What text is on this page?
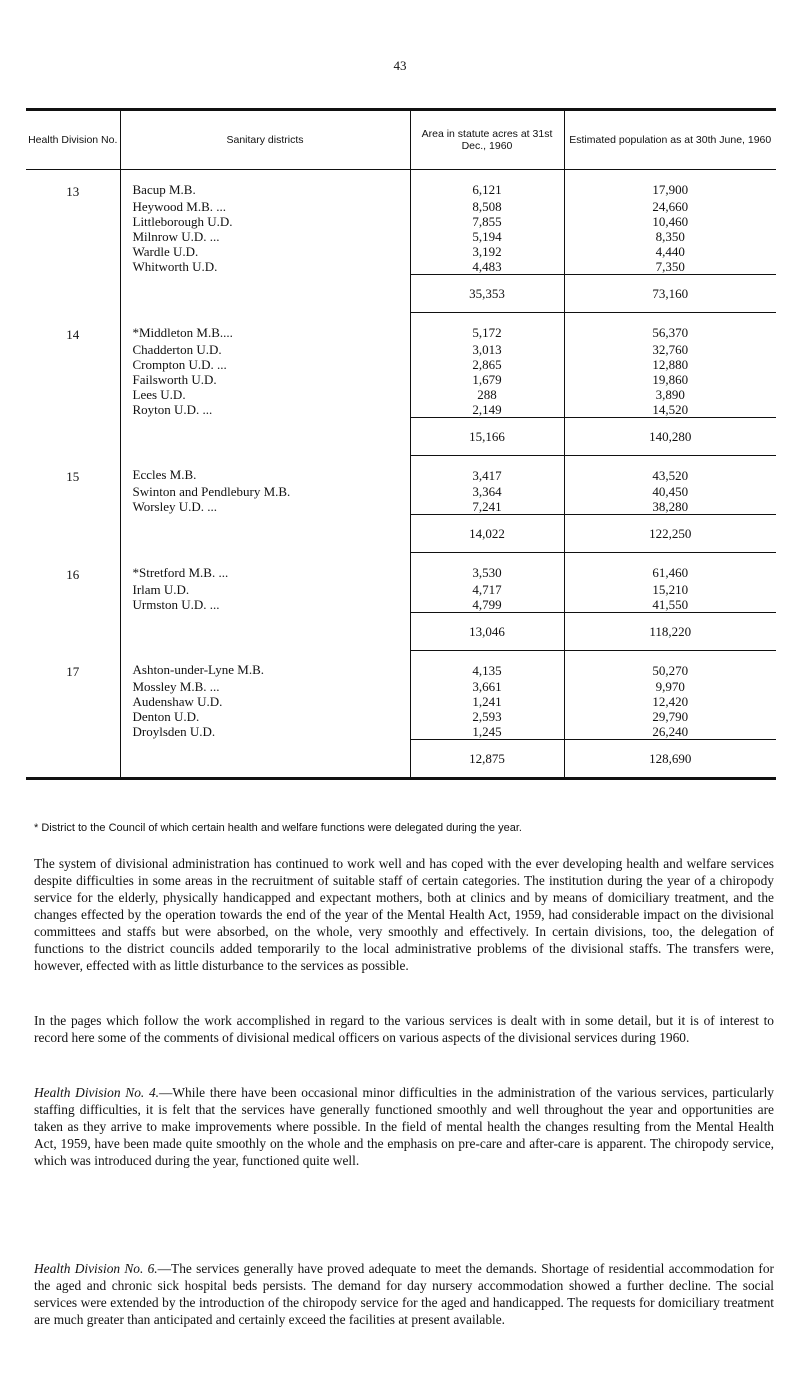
43
Health Division No.	Sanitary districts	Area in statute acres at 31st Dec., 1960	Estimated population as at 30th June, 1960
13	Bacup M.B.	6,121	17,900
	Heywood M.B. ...	8,508	24,660
	Littleborough U.D.	7,855	10,460
	Milnrow U.D. ...	5,194	8,350
	Wardle U.D.	3,192	4,440
	Whitworth U.D.	4,483	7,350
		35,353	73,160
14	*Middleton M.B....	5,172	56,370
	Chadderton U.D.	3,013	32,760
	Crompton U.D. ...	2,865	12,880
	Failsworth U.D.	1,679	19,860
	Lees U.D.	288	3,890
	Royton U.D. ...	2,149	14,520
		15,166	140,280
15	Eccles M.B.	3,417	43,520
	Swinton and Pendlebury M.B.	3,364	40,450
	Worsley U.D. ...	7,241	38,280
		14,022	122,250
16	*Stretford M.B. ...	3,530	61,460
	Irlam U.D.	4,717	15,210
	Urmston U.D. ...	4,799	41,550
		13,046	118,220
17	Ashton-under-Lyne M.B.	4,135	50,270
	Mossley M.B. ...	3,661	9,970
	Audenshaw U.D.	1,241	12,420
	Denton U.D.	2,593	29,790
	Droylsden U.D.	1,245	26,240
		12,875	128,690
* District to the Council of which certain health and welfare functions were delegated during the year.

The system of divisional administration has continued to work well and has coped with the ever developing health and welfare services despite difficulties in some areas in the recruitment of suitable staff of certain categories. The institution during the year of a chiropody service for the elderly, physically handicapped and expectant mothers, both at clinics and by means of domiciliary treatment, and the changes effected by the operation towards the end of the year of the Mental Health Act, 1959, had considerable impact on the divisional committees and staffs but were absorbed, on the whole, very smoothly and effectively. In certain divisions, too, the delegation of functions to the district councils added temporarily to the local administrative problems of the divisional staffs. The transfers were, however, effected with as little disturbance to the services as possible.

In the pages which follow the work accomplished in regard to the various services is dealt with in some detail, but it is of interest to record here some of the comments of divisional medical officers on various aspects of the divisional services during 1960.

Health Division No. 4.—While there have been occasional minor difficulties in the administration of the various services, particularly staffing difficulties, it is felt that the services have generally functioned smoothly and well throughout the year and opportunities are taken as they arrive to make improvements where possible. In the field of mental health the changes resulting from the Mental Health Act, 1959, have been made quite smoothly on the whole and the emphasis on pre-care and after-care is apparent. The chiropody service, which was introduced during the year, functioned quite well.

Health Division No. 6.—The services generally have proved adequate to meet the demands. Shortage of residential accommodation for the aged and chronic sick hospital beds persists. The demand for day nursery accommodation showed a further decline. The social services were extended by the introduction of the chiropody service for the aged and handicapped. The requests for domiciliary treatment are much greater than anticipated and certainly exceed the facilities at present available.
